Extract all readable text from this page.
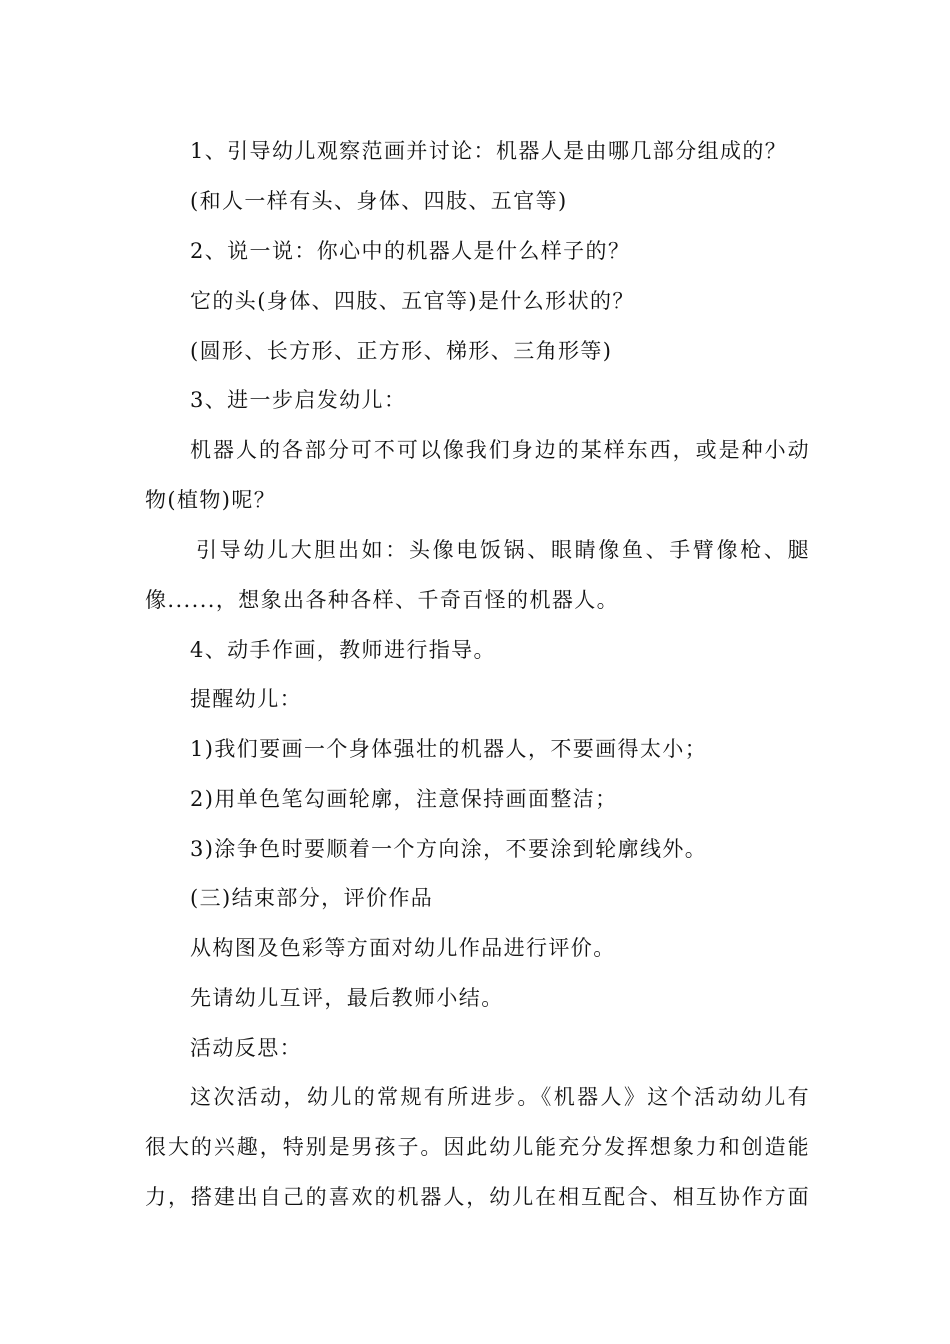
1、引导幼儿观察范画并讨论：机器人是由哪几部分组成的？
(和人一样有头、身体、四肢、五官等)
2、说一说：你心中的机器人是什么样子的？
它的头(身体、四肢、五官等)是什么形状的？
(圆形、长方形、正方形、梯形、三角形等)
3、进一步启发幼儿：
机器人的各部分可不可以像我们身边的某样东西，或是种小动
物(植物)呢？
引导幼儿大胆出如：头像电饭锅、眼睛像鱼、手臂像枪、腿
像......，想象出各种各样、千奇百怪的机器人。
4、动手作画，教师进行指导。
提醒幼儿：
1)我们要画一个身体强壮的机器人，不要画得太小；
2)用单色笔勾画轮廓，注意保持画面整洁；
3)涂争色时要顺着一个方向涂，不要涂到轮廓线外。
(三)结束部分，评价作品
从构图及色彩等方面对幼儿作品进行评价。
先请幼儿互评，最后教师小结。
活动反思：
这次活动，幼儿的常规有所进步。《机器人》这个活动幼儿有
很大的兴趣，特别是男孩子。因此幼儿能充分发挥想象力和创造能
力，搭建出自己的喜欢的机器人，幼儿在相互配合、相互协作方面
